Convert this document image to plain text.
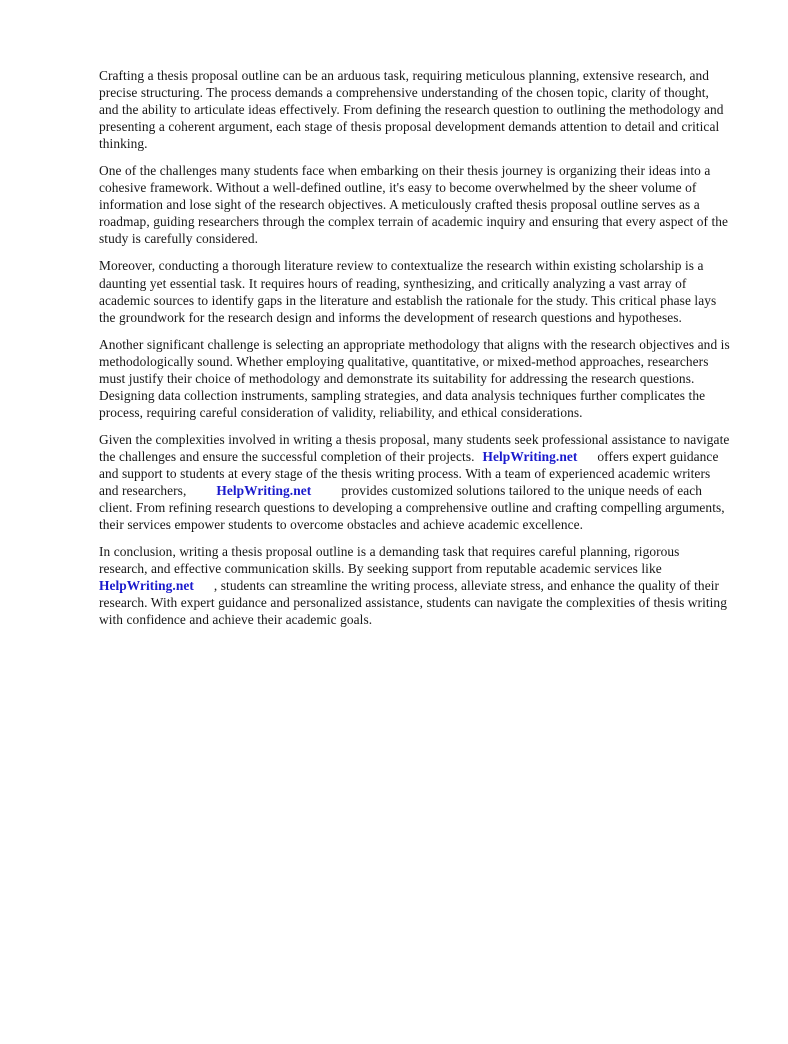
Crafting a thesis proposal outline can be an arduous task, requiring meticulous planning, extensive research, and precise structuring. The process demands a comprehensive understanding of the chosen topic, clarity of thought, and the ability to articulate ideas effectively. From defining the research question to outlining the methodology and presenting a coherent argument, each stage of thesis proposal development demands attention to detail and critical thinking.

One of the challenges many students face when embarking on their thesis journey is organizing their ideas into a cohesive framework. Without a well-defined outline, it's easy to become overwhelmed by the sheer volume of information and lose sight of the research objectives. A meticulously crafted thesis proposal outline serves as a roadmap, guiding researchers through the complex terrain of academic inquiry and ensuring that every aspect of the study is carefully considered.

Moreover, conducting a thorough literature review to contextualize the research within existing scholarship is a daunting yet essential task. It requires hours of reading, synthesizing, and critically analyzing a vast array of academic sources to identify gaps in the literature and establish the rationale for the study. This critical phase lays the groundwork for the research design and informs the development of research questions and hypotheses.

Another significant challenge is selecting an appropriate methodology that aligns with the research objectives and is methodologically sound. Whether employing qualitative, quantitative, or mixed-method approaches, researchers must justify their choice of methodology and demonstrate its suitability for addressing the research questions. Designing data collection instruments, sampling strategies, and data analysis techniques further complicates the process, requiring careful consideration of validity, reliability, and ethical considerations.

Given the complexities involved in writing a thesis proposal, many students seek professional assistance to navigate the challenges and ensure the successful completion of their projects. HelpWriting.net offers expert guidance and support to students at every stage of the thesis writing process. With a team of experienced academic writers and researchers, HelpWriting.net provides customized solutions tailored to the unique needs of each client. From refining research questions to developing a comprehensive outline and crafting compelling arguments, their services empower students to overcome obstacles and achieve academic excellence.

In conclusion, writing a thesis proposal outline is a demanding task that requires careful planning, rigorous research, and effective communication skills. By seeking support from reputable academic services likeHelpWriting.net , students can streamline the writing process, alleviate stress, and enhance the quality of their research. With expert guidance and personalized assistance, students can navigate the complexities of thesis writing with confidence and achieve their academic goals.
